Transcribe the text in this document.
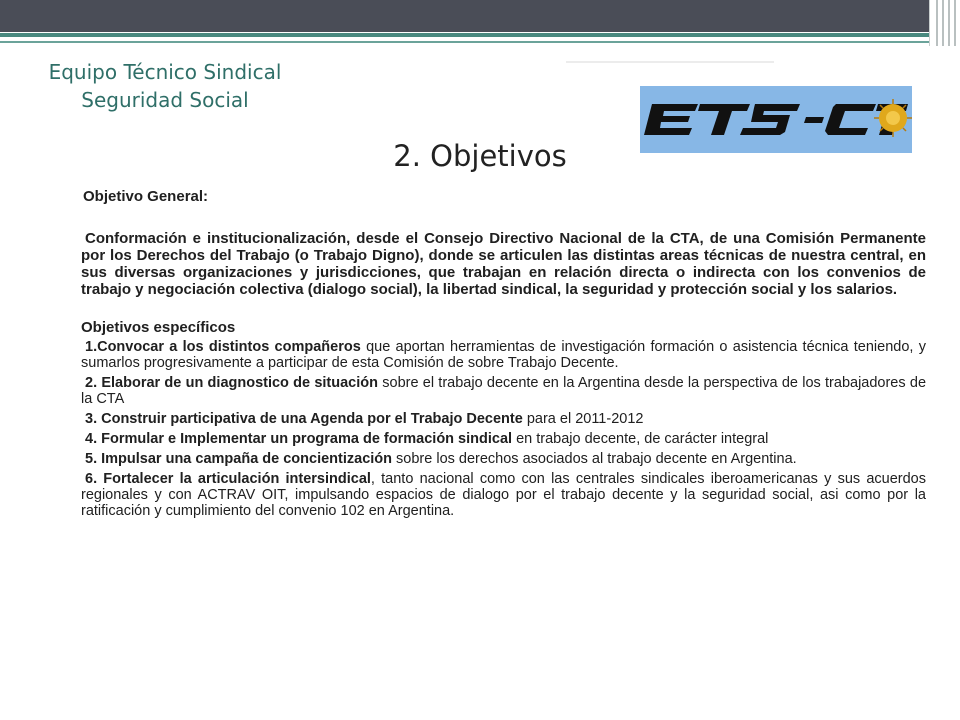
Equipo Técnico Sindical
Seguridad Social
2. Objetivos

Objetivo General:

Conformación e institucionalización, desde el Consejo Directivo Nacional de la CTA, de una Comisión Permanente por los Derechos del Trabajo (o Trabajo Digno), donde se articulen las distintas areas técnicas de nuestra central, en sus diversas organizaciones y jurisdicciones, que trabajan en relación directa o indirecta con los convenios de trabajo y negociación colectiva (dialogo social), la libertad sindical, la seguridad y protección social y los salarios.

Objetivos específicos

1.Convocar a los distintos compañeros que aportan herramientas de investigación formación o asistencia técnica teniendo, y sumarlos progresivamente a participar de esta Comisión de sobre Trabajo Decente.

2. Elaborar de un diagnostico de situación sobre el trabajo decente en la Argentina desde la perspectiva de los trabajadores de la CTA

3. Construir participativa de una Agenda por el Trabajo Decente para el 2011-2012

4. Formular e Implementar un programa de formación sindical en trabajo decente, de carácter integral

5. Impulsar una campaña de concientización sobre los derechos asociados al trabajo decente en Argentina.

6. Fortalecer la articulación intersindical, tanto nacional como con las centrales sindicales iberoamericanas y sus acuerdos regionales y con ACTRAV OIT, impulsando espacios de dialogo por el trabajo decente y la seguridad social, asi como por la ratificación y cumplimiento del convenio 102 en Argentina.
